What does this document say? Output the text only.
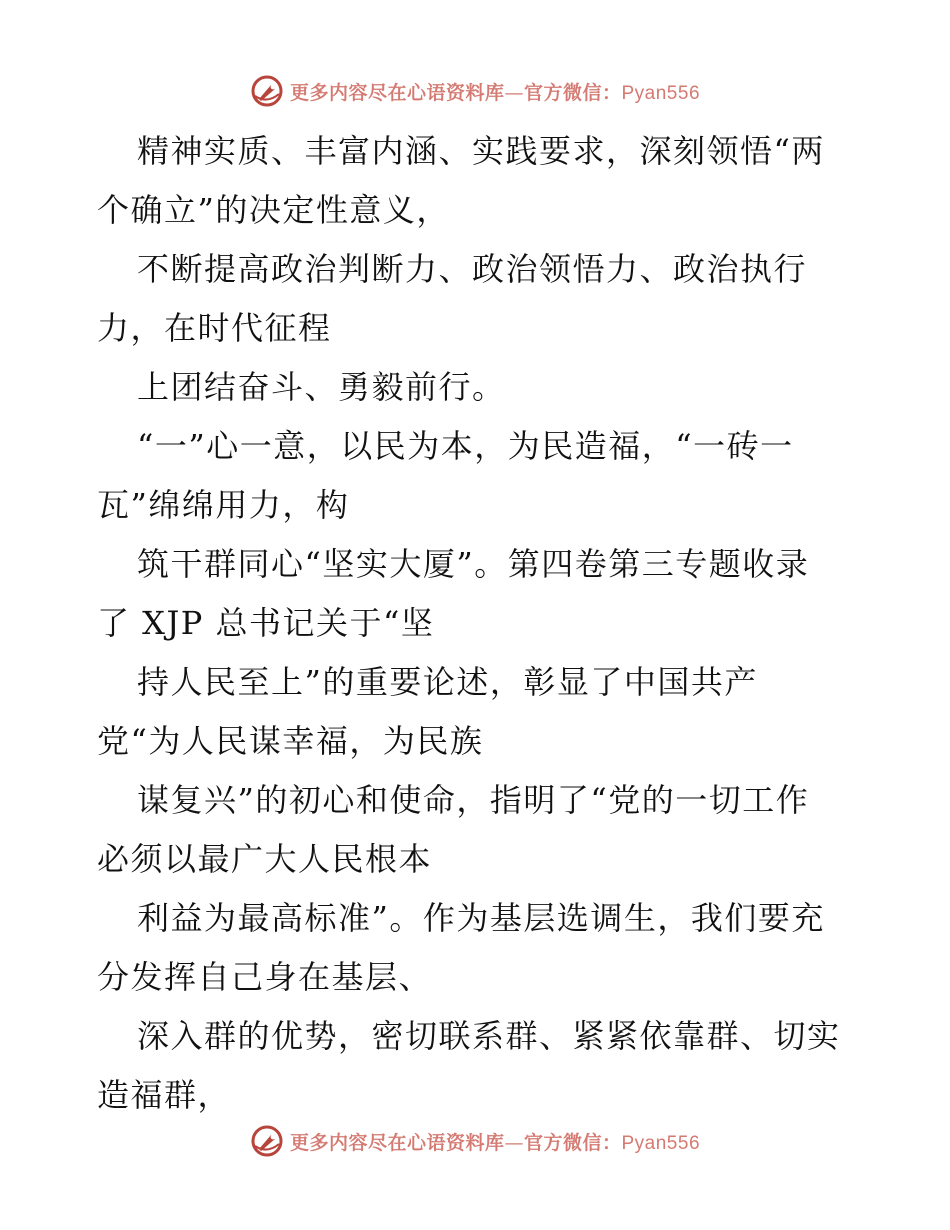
更多内容尽在心语资料库—官方微信：Pyan556
精神实质、丰富内涵、实践要求，深刻领悟“两
个确立”的决定性意义，
不断提高政治判断力、政治领悟力、政治执行
力，在时代征程
上团结奋斗、勇毅前行。
“一”心一意，以民为本，为民造福，“一砖一
瓦”绵绵用力，构
筑干群同心“坚实大厦”。第四卷第三专题收录
了 XJP 总书记关于“坚
持人民至上”的重要论述，彰显了中国共产
党“为人民谋幸福，为民族
谋复兴”的初心和使命，指明了“党的一切工作
必须以最广大人民根本
利益为最高标准”。作为基层选调生，我们要充
分发挥自己身在基层、
深入群的优势，密切联系群、紧紧依靠群、切实
造福群，
更多内容尽在心语资料库—官方微信：Pyan556
